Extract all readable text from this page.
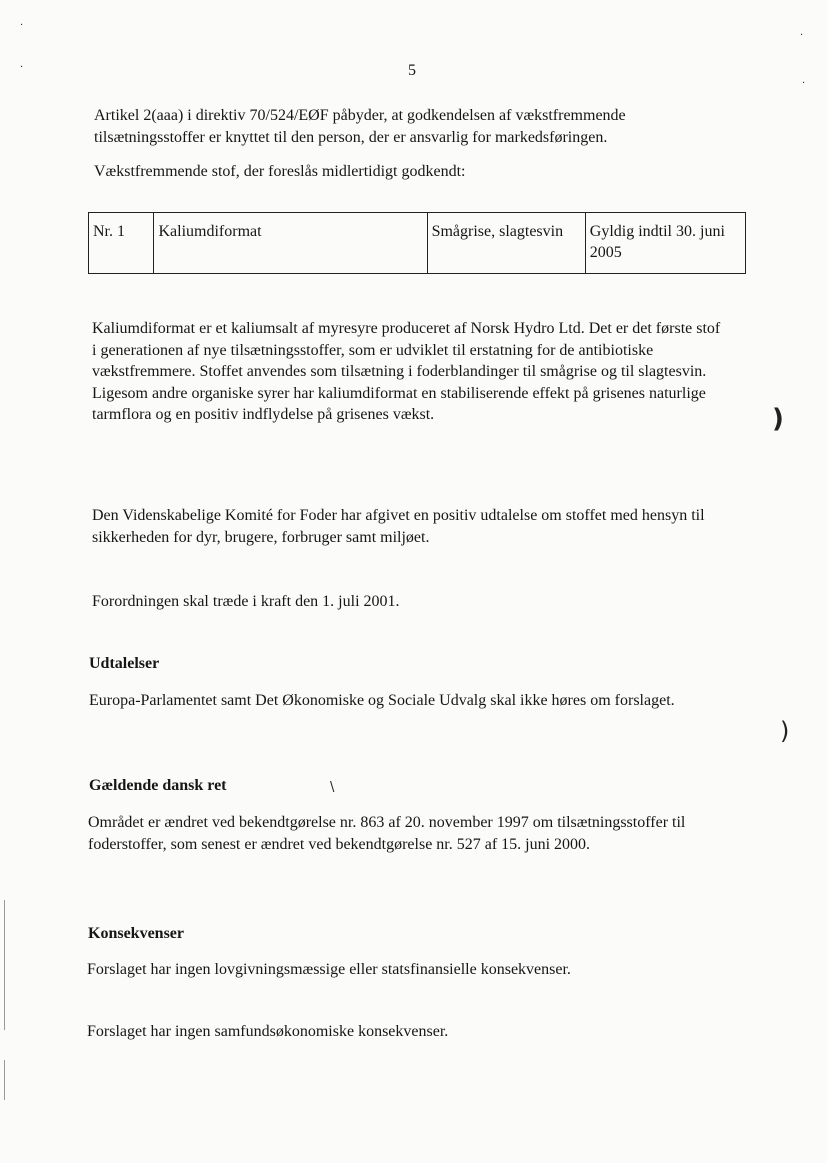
5

Artikel 2(aaa) i direktiv 70/524/EØF påbyder, at godkendelsen af vækstfremmende tilsætningsstoffer er knyttet til den person, der er ansvarlig for markedsføringen.

Vækstfremmende stof, der foreslås midlertidigt godkendt:

Nr. 1	Kaliumdiformat	Smågrise, slagtesvin	Gyldig indtil 30. juni 2005

Kaliumdiformat er et kaliumsalt af myresyre produceret af Norsk Hydro Ltd. Det er det første stof i generationen af nye tilsætningsstoffer, som er udviklet til erstatning for de antibiotiske vækstfremmere. Stoffet anvendes som tilsætning i foderblandinger til smågrise og til slagtesvin. Ligesom andre organiske syrer har kaliumdiformat en stabiliserende effekt på grisenes naturlige tarmflora og en positiv indflydelse på grisenes vækst.

Den Videnskabelige Komité for Foder har afgivet en positiv udtalelse om stoffet med hensyn til sikkerheden for dyr, brugere, forbruger samt miljøet.

Forordningen skal træde i kraft den 1. juli 2001.

Udtalelser

Europa-Parlamentet samt Det Økonomiske og Sociale Udvalg skal ikke høres om forslaget.

Gældende dansk ret

Området er ændret ved bekendtgørelse nr. 863 af 20. november 1997 om tilsætningsstoffer til foderstoffer, som senest er ændret ved bekendtgørelse nr. 527 af 15. juni 2000.

Konsekvenser

Forslaget har ingen lovgivningsmæssige eller statsfinansielle konsekvenser.

Forslaget har ingen samfundsøkonomiske konsekvenser.

)
)
\
·
·
·
·
